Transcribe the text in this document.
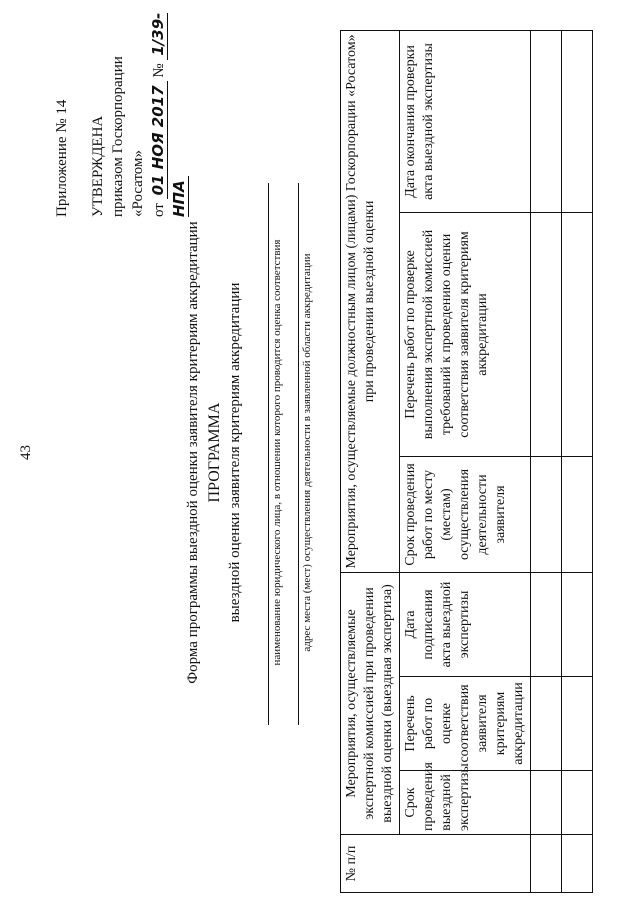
43
Приложение № 14 УТВЕРЖДЕНА приказом Госкорпорации «Росатом» от 01 НОЯ 2017 № 1/39-НПА
Форма программы выездной оценки заявителя критериям аккредитации ПРОГРАММА выездной оценки заявителя критериям аккредитации	наименование юридического лица, в отношении которого проводится оценка соответствия адрес места (мест) осуществления деятельности в заявленной области аккредитации
№ п/п	Мероприятия, осуществляемые экспертной комиссией при проведении выездной оценки (выездная экспертиза)			Мероприятия, осуществляемые должностным лицом (лицами) Госкорпорации «Росатом» при проведении выездной оценки		
	Срок проведения выездной экспертизы	Перечень работ по оценке соответствия заявителя критериям аккредитации	Дата подписания акта выездной экспертизы	Срок проведения работ по месту (местам) осуществления деятельности заявителя	Перечень работ по проверке выполнения экспертной комиссией требований к проведению оценки соответствия заявителя критериям аккредитации	Дата окончания проверки акта выездной экспертизы
